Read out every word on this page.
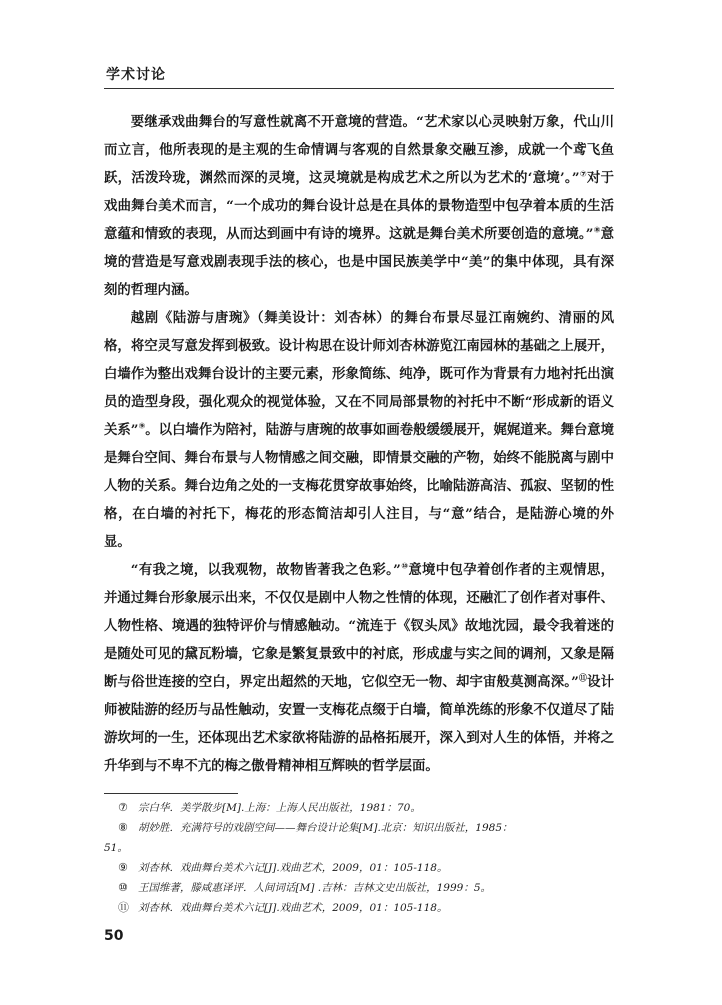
学术讨论

要继承戏曲舞台的写意性就离不开意境的营造。“艺术家以心灵映射万象，代山川而立言，他所表现的是主观的生命情调与客观的自然景象交融互渗，成就一个鸢飞鱼跃，活泼玲珑，渊然而深的灵境，这灵境就是构成艺术之所以为艺术的‘意境’。”⑦对于戏曲舞台美术而言，“一个成功的舞台设计总是在具体的景物造型中包孕着本质的生活意蕴和情致的表现，从而达到画中有诗的境界。这就是舞台美术所要创造的意境。”⑧意境的营造是写意戏剧表现手法的核心，也是中国民族美学中“美”的集中体现，具有深刻的哲理内涵。

越剧《陆游与唐琬》（舞美设计：刘杏林）的舞台布景尽显江南婉约、清丽的风格，将空灵写意发挥到极致。设计构思在设计师刘杏林游览江南园林的基础之上展开，白墙作为整出戏舞台设计的主要元素，形象简练、纯净，既可作为背景有力地衬托出演员的造型身段，强化观众的视觉体验，又在不同局部景物的衬托中不断“形成新的语义关系”⑨。以白墙作为陪衬，陆游与唐琬的故事如画卷般缓缓展开，娓娓道来。舞台意境是舞台空间、舞台布景与人物情感之间交融，即情景交融的产物，始终不能脱离与剧中人物的关系。舞台边角之处的一支梅花贯穿故事始终，比喻陆游高洁、孤寂、坚韧的性格，在白墙的衬托下，梅花的形态简洁却引人注目，与“意”结合，是陆游心境的外显。

“有我之境，以我观物，故物皆著我之色彩。”⑩意境中包孕着创作者的主观情思，并通过舞台形象展示出来，不仅仅是剧中人物之性情的体现，还融汇了创作者对事件、人物性格、境遇的独特评价与情感触动。“流连于《钗头凤》故地沈园，最令我着迷的是随处可见的黛瓦粉墙，它象是繁复景致中的衬底，形成虚与实之间的调剂，又象是隔断与俗世连接的空白，界定出超然的天地，它似空无一物、却宇宙般莫测高深。”⑪设计师被陆游的经历与品性触动，安置一支梅花点缀于白墙，简单洗练的形象不仅道尽了陆游坎坷的一生，还体现出艺术家欲将陆游的品格拓展开，深入到对人生的体悟，并将之升华到与不卑不亢的梅之傲骨精神相互辉映的哲学层面。

⑦ 宗白华．美学散步[M].上海：上海人民出版社，1981：70。
⑧ 胡妙胜．充满符号的戏剧空间——舞台设计论集[M].北京：知识出版社，1985：
51。
⑨ 刘杏林．戏曲舞台美术六记[J].戏曲艺术，2009，01：105-118。
⑩ 王国维著，滕咸惠译评．人间词话[M] .吉林：吉林文史出版社，1999：5。
⑪ 刘杏林．戏曲舞台美术六记[J].戏曲艺术，2009，01：105-118。
50
